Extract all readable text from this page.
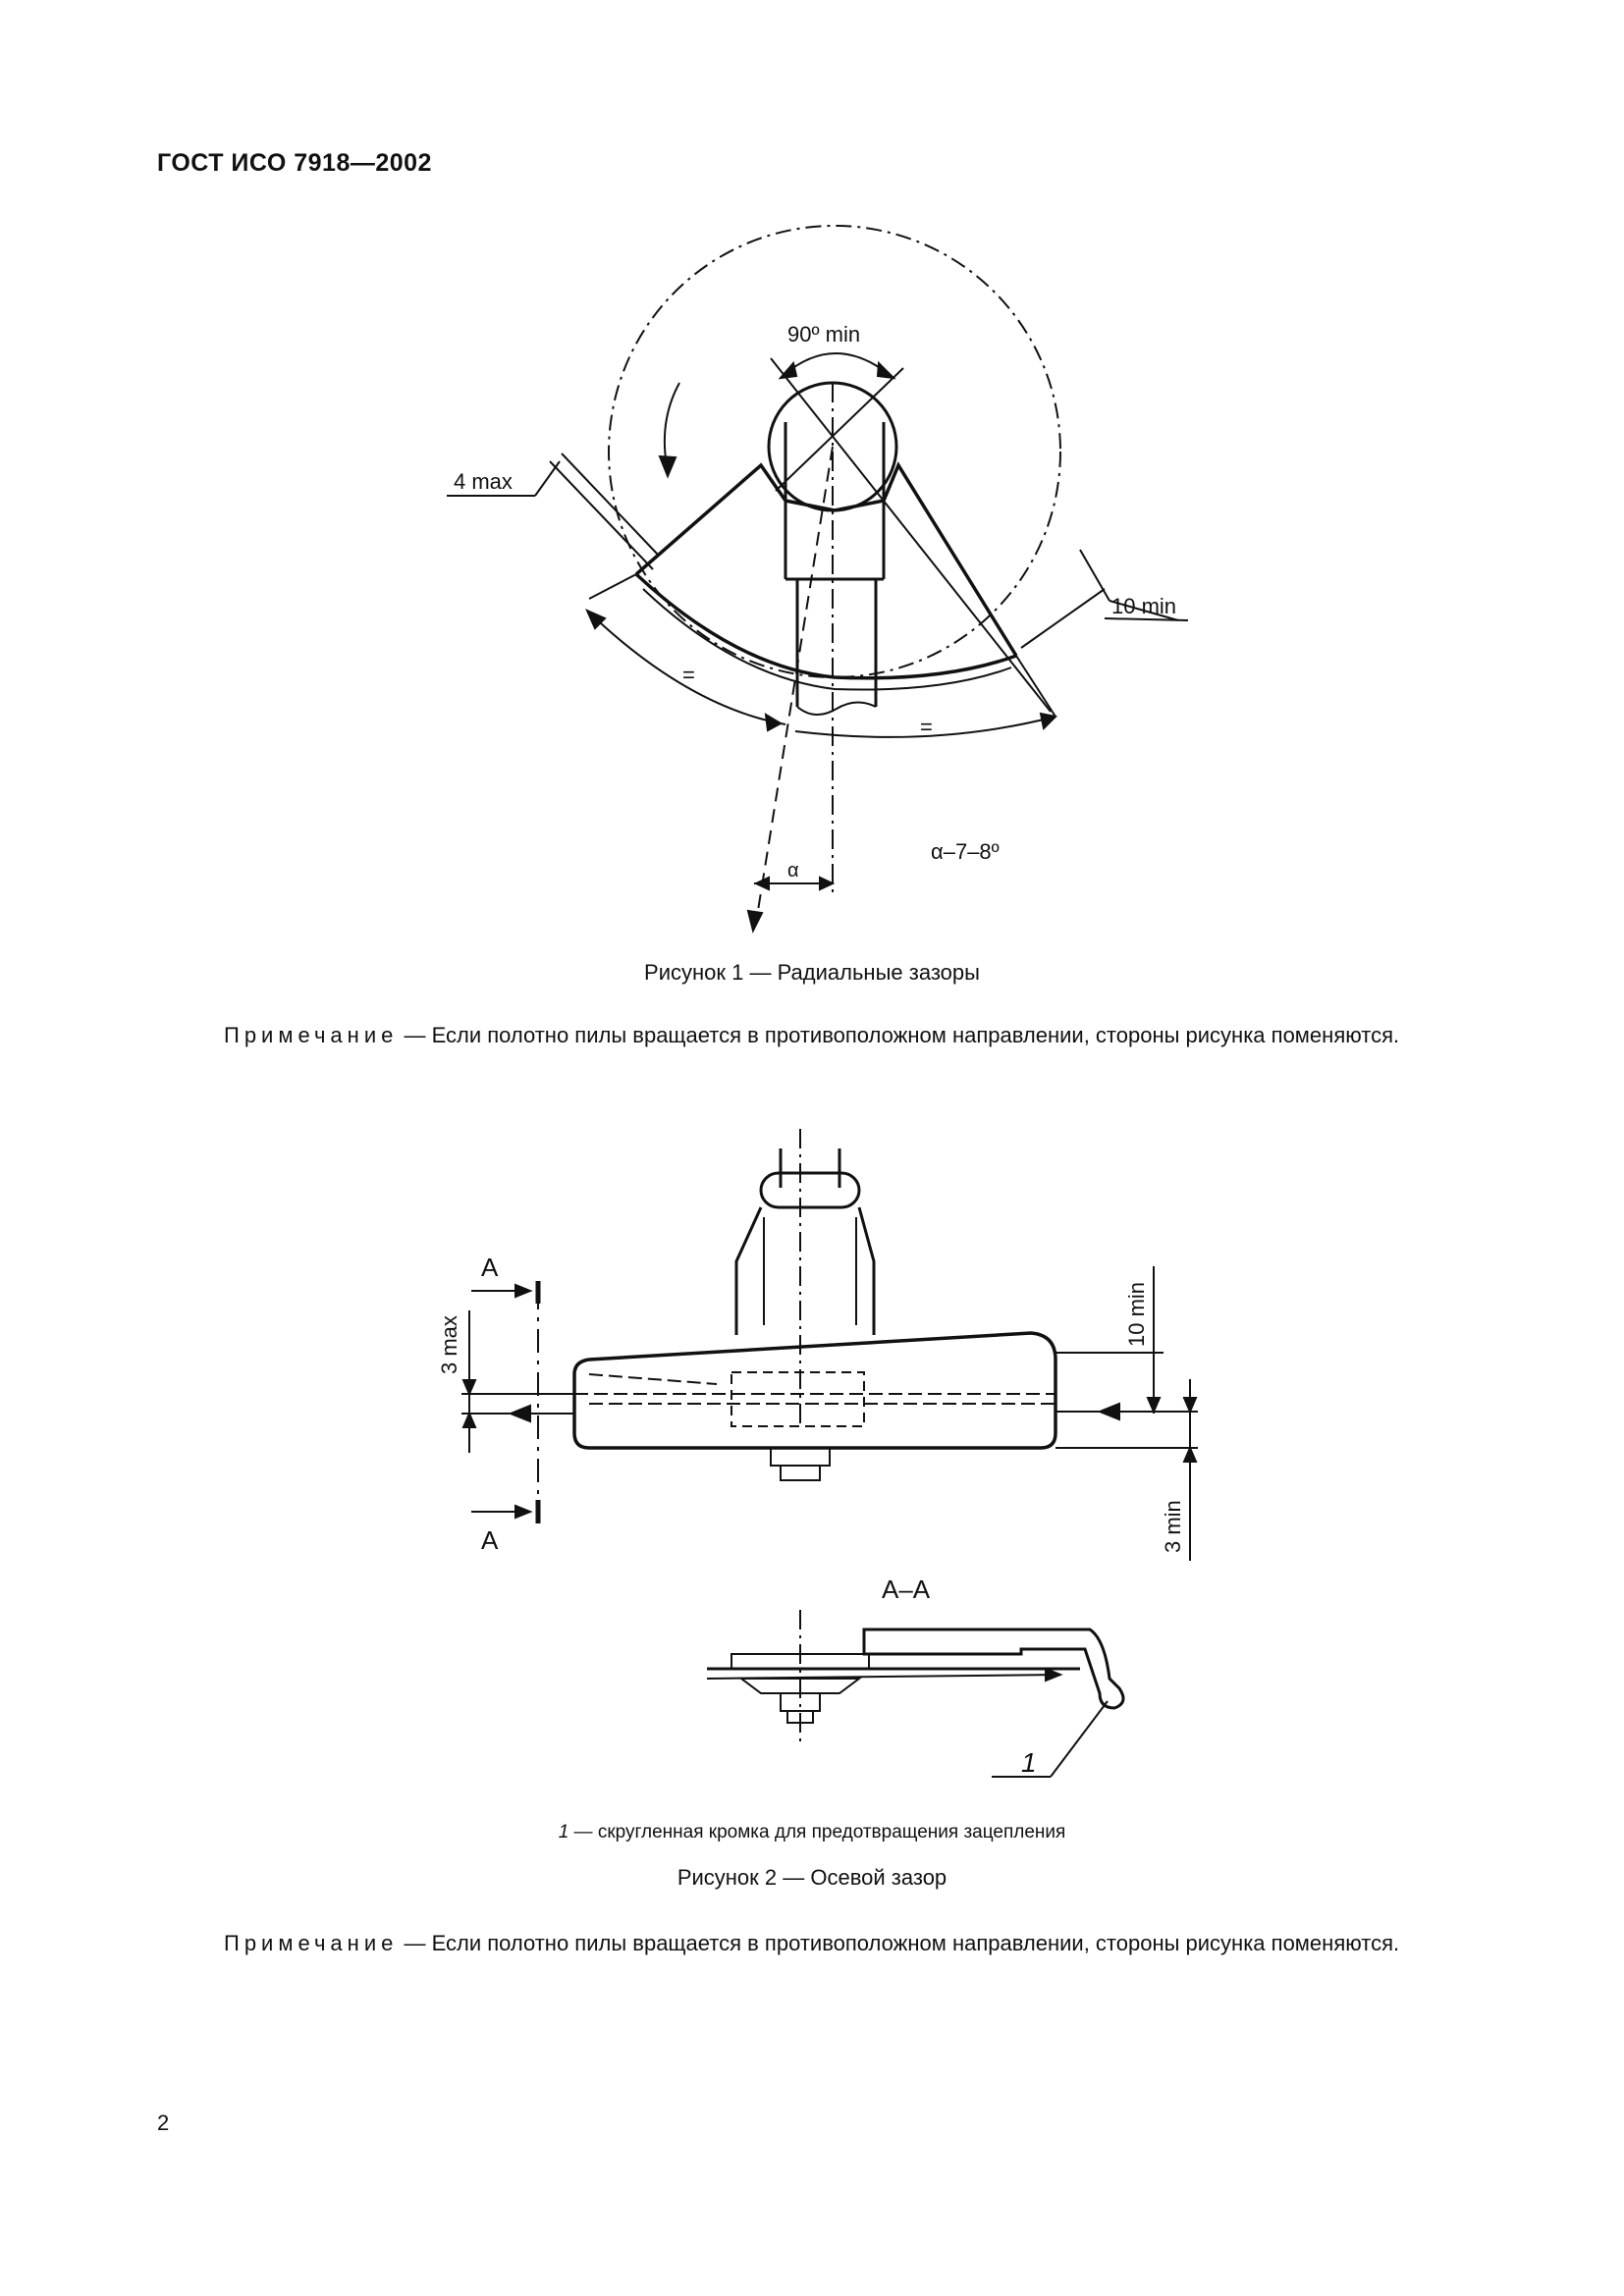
ГОСТ ИСО 7918—2002
90º min
4 max
10 min
=
=
α
α–7–8º
Рисунок 1 — Радиальные зазоры
Примечание — Если полотно пилы вращается в противоположном направлении, стороны рисунка поменяются.
A
A
3 max	10 min
3 min
A–A
1
1 — скругленная кромка для предотвращения зацепления
Рисунок 2 — Осевой зазор
Примечание — Если полотно пилы вращается в противоположном направлении, стороны рисунка поменяются.
2
